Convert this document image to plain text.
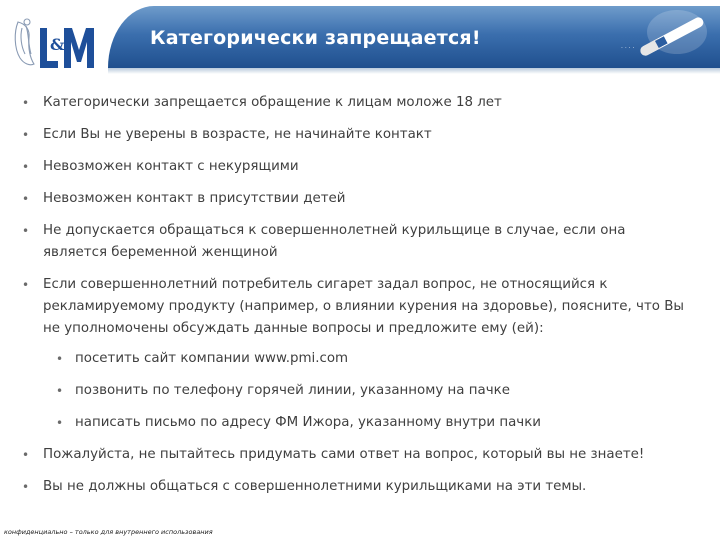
&	Категорически запрещается!	· · · ·
• Категорически запрещается обращение к лицам моложе 18 лет
• Если Вы не уверены в возрасте, не начинайте контакт
• Невозможен контакт с некурящими
• Невозможен контакт в присутствии детей
• Не допускается обращаться к совершеннолетней курильщице в случае, если она является беременной женщиной
• Если совершеннолетний потребитель сигарет задал вопрос, не относящийся к рекламируемому продукту (например, о влиянии курения на здоровье), поясните, что Вы не уполномочены обсуждать данные вопросы и предложите ему (ей):
• посетить сайт компании www.pmi.com
• позвонить по телефону горячей линии, указанному на пачке
• написать письмо по адресу ФМ Ижора, указанному внутри пачки
• Пожалуйста, не пытайтесь придумать сами ответ на вопрос, который вы не знаете!
• Вы не должны общаться с совершеннолетними курильщиками на эти темы.
конфиденциально – только для внутреннего использования
